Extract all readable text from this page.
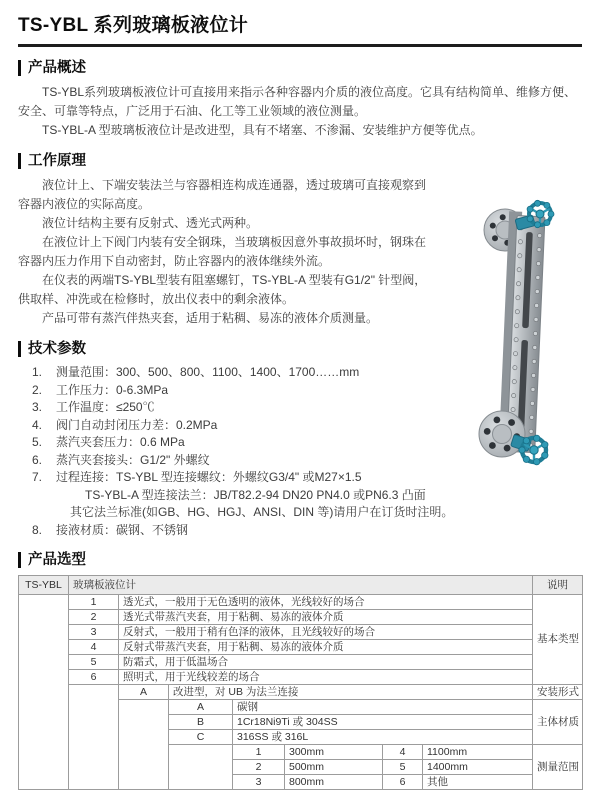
TS-YBL 系列玻璃板液位计
产品概述

TS-YBL系列玻璃板液位计可直接用来指示各种容器内介质的液位高度。它具有结构简单、维修方便、安全、可靠等特点，广泛用于石油、化工等工业领域的液位测量。

TS-YBL-A 型玻璃板液位计是改进型，具有不堵塞、不渗漏、安装维护方便等优点。

工作原理

液位计上、下端安装法兰与容器相连构成连通器，透过玻璃可直接观察到容器内液位的实际高度。

液位计结构主要有反射式、透光式两种。

在液位计上下阀门内装有安全钢珠，当玻璃板因意外事故损坏时，钢珠在容器内压力作用下自动密封，防止容器内的液体继续外流。

在仪表的两端TS-YBL型装有阻塞螺钉，TS-YBL-A 型装有G1/2" 针型阀，供取样、冲洗或在检修时，放出仪表中的剩余液体。

产品可带有蒸汽伴热夹套，适用于粘稠、易冻的液体介质测量。

技术参数
1.	测量范围：300、500、800、1100、1400、1700……mm
2.	工作压力：0-6.3MPa
3.	工作温度：≤250℃
4.	阀门自动封闭压力差：0.2MPa
5.	蒸汽夹套压力：0.6 MPa
6.	蒸汽夹套接头：G1/2" 外螺纹
7.	过程连接：TS-YBL 型连接螺纹：外螺纹G3/4" 或M27×1.5
TS-YBL-A 型连接法兰：JB/T82.2-94 DN20 PN4.0 或PN6.3 凸面
其它法兰标准(如GB、HG、HGJ、ANSI、DIN 等)请用户在订货时注明。
8.	接液材质：碳钢、不锈钢
产品选型
TS-YBL	玻璃板液位计							说明
	1	透光式，一般用于无色透明的液体，光线较好的场合						基本类型
	2	透光式带蒸汽夹套，用于粘稠、易冻的液体介质						
	3	反射式，一般用于稍有色泽的液体，且光线较好的场合						
	4	反射式带蒸汽夹套，用于粘稠、易冻的液体介质						
	5	防霜式，用于低温场合						
	6	照明式，用于光线较差的场合						
		A	改进型，对 UB 为法兰连接					安装形式
			A	碳钢				主体材质
			B	1Cr18Ni9Ti 或 304SS				
			C	316SS 或 316L				
				1	300mm	4	1100mm	测量范围
				2	500mm	5	1400mm	
				3	800mm	6	其他	
